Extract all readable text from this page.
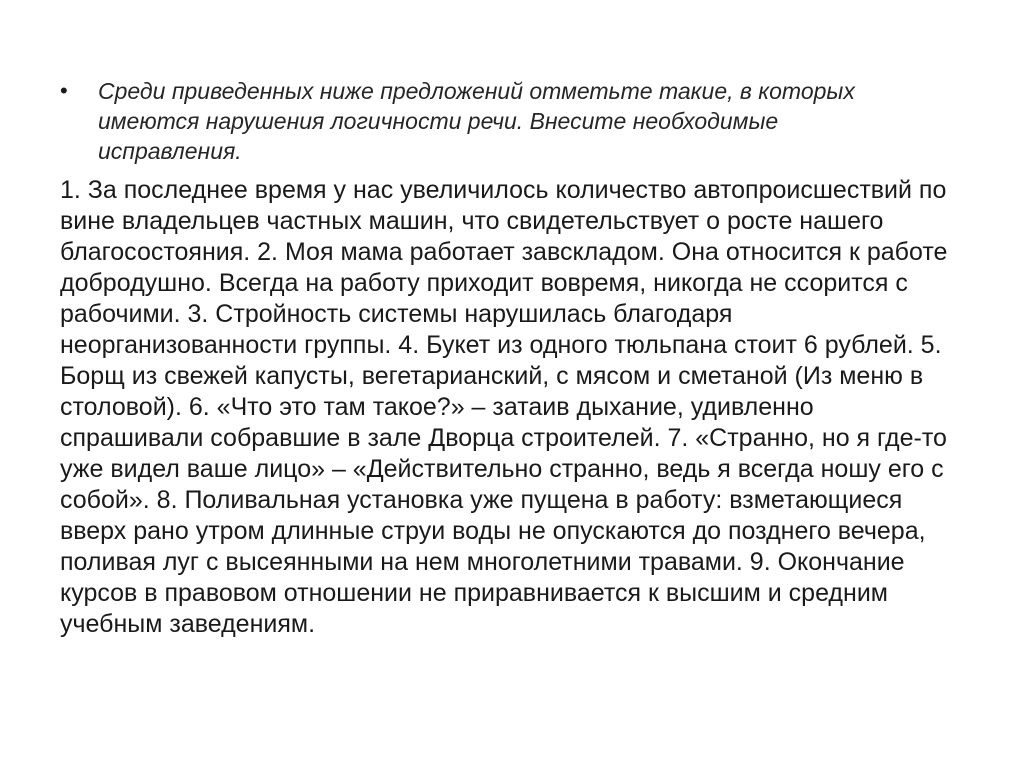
•	Среди приведенных ниже предложений отметьте такие, в которых имеются нарушения логичности речи. Внесите необходимые исправления.
1. За последнее время у нас увеличилось количество автопроисшествий по вине владельцев частных машин, что свидетельствует о росте нашего благосостояния. 2. Моя мама работает завскладом. Она относится к работе добродушно. Всегда на работу приходит вовремя, никогда не ссорится с рабочими. 3. Стройность системы нарушилась благодаря неорганизованности группы. 4. Букет из одного тюльпана стоит 6 рублей. 5. Борщ из свежей капусты, вегетарианский, с мясом и сметаной (Из меню в столовой). 6. «Что это там такое?» – затаив дыхание, удивленно спрашивали собравшие в зале Дворца строителей. 7. «Странно, но я где-то уже видел ваше лицо» – «Действительно странно, ведь я всегда ношу его с собой». 8. Поливальная установка уже пущена в работу: взметающиеся вверх рано утром длинные струи воды не опускаются до позднего вечера, поливая луг с высеянными на нем многолетними травами. 9. Окончание курсов в правовом отношении не приравнивается к высшим и средним учебным заведениям.
